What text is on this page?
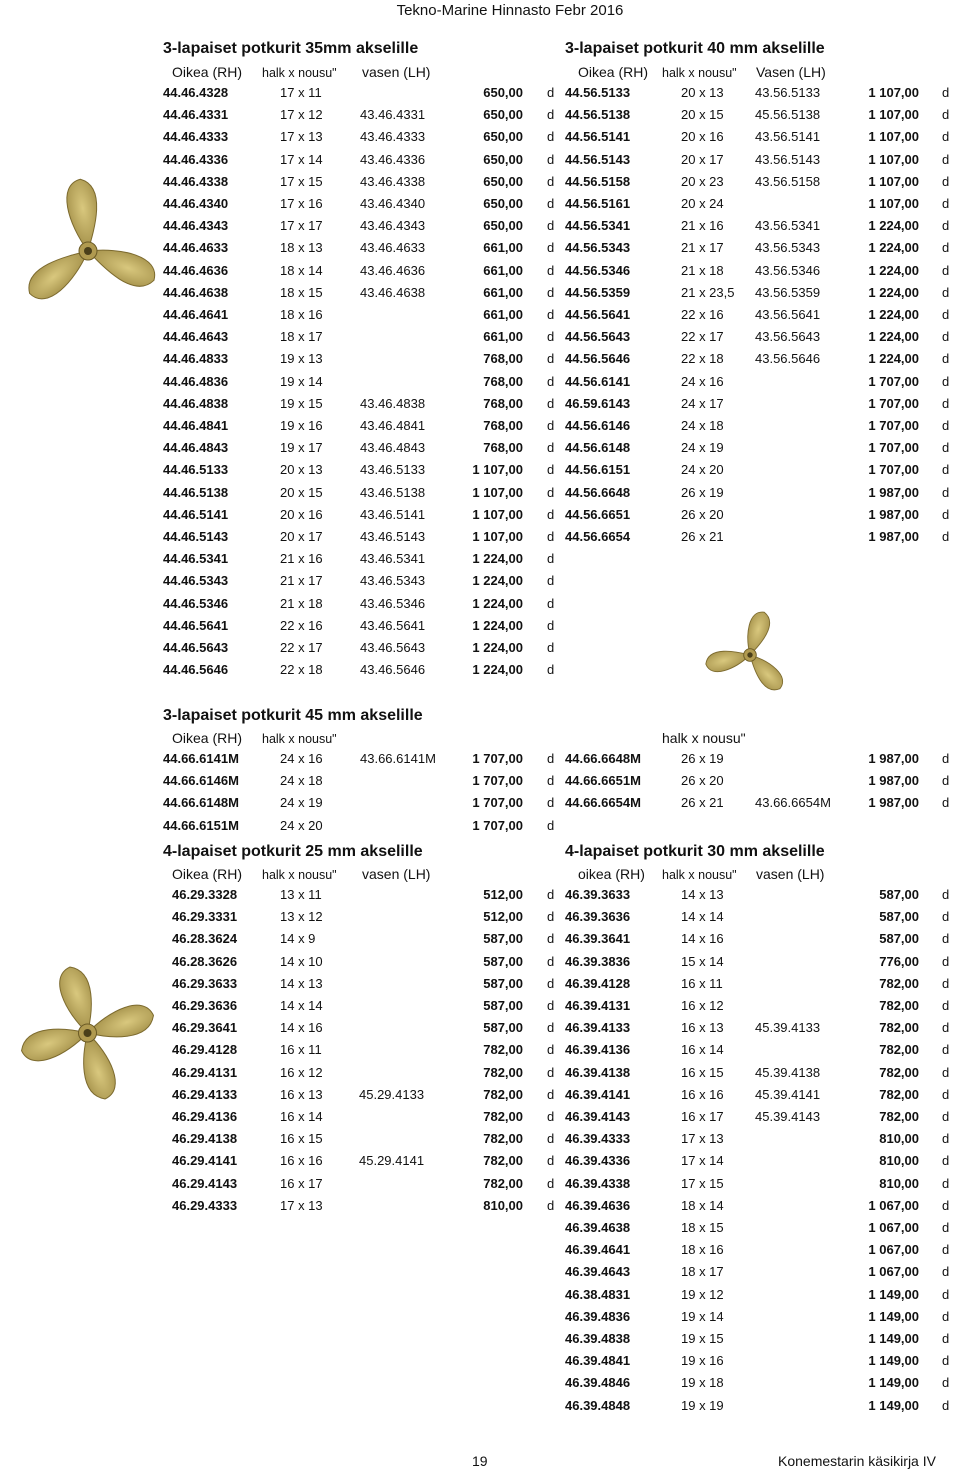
Tekno-Marine Hinnasto Febr 2016
3-lapaiset potkurit 35mm akselille
Oikea (RH) halk x nousu" vasen (LH)
3-lapaiset potkurit 40 mm akselille
Oikea (RH) halk x nousu" Vasen (LH)
3-lapaiset potkurit 45 mm akselille
Oikea (RH) halk x nousu"	halk x nousu"
4-lapaiset potkurit 25 mm akselille
Oikea (RH) halk x nousu" vasen (LH)
4-lapaiset potkurit 30 mm akselille
oikea (RH) halk x nousu" vasen (LH)
44.46.4328	17 x 11	650,00 d
44.46.4331	17 x 12	43.46.4331	650,00 d
44.46.4333	17 x 13	43.46.4333	650,00 d
44.46.4336	17 x 14	43.46.4336	650,00 d
44.46.4338	17 x 15	43.46.4338	650,00 d
44.46.4340	17 x 16	43.46.4340	650,00 d
44.46.4343	17 x 17	43.46.4343	650,00 d
44.46.4633	18 x 13	43.46.4633	661,00 d
44.46.4636	18 x 14	43.46.4636	661,00 d
44.46.4638	18 x 15	43.46.4638	661,00 d
44.46.4641	18 x 16	661,00 d
44.46.4643	18 x 17	661,00 d
44.46.4833	19 x 13	768,00 d
44.46.4836	19 x 14	768,00 d
44.46.4838	19 x 15	43.46.4838	768,00 d
44.46.4841	19 x 16	43.46.4841	768,00 d
44.46.4843	19 x 17	43.46.4843	768,00 d
44.46.5133	20 x 13	43.46.5133	1 107,00 d
44.46.5138	20 x 15	43.46.5138	1 107,00 d
44.46.5141	20 x 16	43.46.5141	1 107,00 d
44.46.5143	20 x 17	43.46.5143	1 107,00 d
44.46.5341	21 x 16	43.46.5341	1 224,00 d
44.46.5343	21 x 17	43.46.5343	1 224,00 d
44.46.5346	21 x 18	43.46.5346	1 224,00 d
44.46.5641	22 x 16	43.46.5641	1 224,00 d
44.46.5643	22 x 17	43.46.5643	1 224,00 d
44.46.5646	22 x 18	43.46.5646	1 224,00 d
44.56.5133	20 x 13 43.56.5133	1 107,00 d
44.56.5138	20 x 15 45.56.5138	1 107,00 d
44.56.5141	20 x 16 43.56.5141	1 107,00 d
44.56.5143	20 x 17 43.56.5143	1 107,00 d
44.56.5158	20 x 23 43.56.5158	1 107,00 d
44.56.5161	20 x 24	1 107,00 d
44.56.5341	21 x 16 43.56.5341	1 224,00 d
44.56.5343	21 x 17 43.56.5343	1 224,00 d
44.56.5346	21 x 18 43.56.5346	1 224,00 d
44.56.5359	21 x 23,5 43.56.5359	1 224,00 d
44.56.5641	22 x 16 43.56.5641	1 224,00 d
44.56.5643	22 x 17 43.56.5643	1 224,00 d
44.56.5646	22 x 18 43.56.5646	1 224,00 d
44.56.6141	24 x 16	1 707,00 d
46.59.6143	24 x 17	1 707,00 d
44.56.6146	24 x 18	1 707,00 d
44.56.6148	24 x 19	1 707,00 d
44.56.6151	24 x 20	1 707,00 d
44.56.6648	26 x 19	1 987,00 d
44.56.6651	26 x 20	1 987,00 d
44.56.6654	26 x 21	1 987,00 d
44.66.6141M	24 x 16	43.66.6141M	1 707,00 d
44.66.6146M	24 x 18	1 707,00 d
44.66.6148M	24 x 19	1 707,00 d
44.66.6151M	24 x 20	1 707,00 d
44.66.6648M	26 x 19	1 987,00 d
44.66.6651M	26 x 20	1 987,00 d
44.66.6654M	26 x 21 43.66.6654M	1 987,00 d
46.29.3328	13 x 11	512,00 d
46.29.3331	13 x 12	512,00 d
46.28.3624	14 x 9	587,00 d
46.28.3626	14 x 10	587,00 d
46.29.3633	14 x 13	587,00 d
46.29.3636	14 x 14	587,00 d
46.29.3641	14 x 16	587,00 d
46.29.4128	16 x 11	782,00 d
46.29.4131	16 x 12	782,00 d
46.29.4133	16 x 13	45.29.4133	782,00 d
46.29.4136	16 x 14	782,00 d
46.29.4138	16 x 15	782,00 d
46.29.4141	16 x 16	45.29.4141	782,00 d
46.29.4143	16 x 17	782,00 d
46.29.4333	17 x 13	810,00 d
46.39.3633	14 x 13	587,00 d
46.39.3636	14 x 14	587,00 d
46.39.3641	14 x 16	587,00 d
46.39.3836	15 x 14	776,00 d
46.39.4128	16 x 11	782,00 d
46.39.4131	16 x 12	782,00 d
46.39.4133	16 x 13 45.39.4133	782,00 d
46.39.4136	16 x 14	782,00 d
46.39.4138	16 x 15 45.39.4138	782,00 d
46.39.4141	16 x 16 45.39.4141	782,00 d
46.39.4143	16 x 17 45.39.4143	782,00 d
46.39.4333	17 x 13	810,00 d
46.39.4336	17 x 14	810,00 d
46.39.4338	17 x 15	810,00 d
46.39.4636	18 x 14	1 067,00 d
46.39.4638	18 x 15	1 067,00 d
46.39.4641	18 x 16	1 067,00 d
46.39.4643	18 x 17	1 067,00 d
46.38.4831	19 x 12	1 149,00 d
46.39.4836	19 x 14	1 149,00 d
46.39.4838	19 x 15	1 149,00 d
46.39.4841	19 x 16	1 149,00 d
46.39.4846	19 x 18	1 149,00 d
46.39.4848	19 x 19	1 149,00 d
19	Konemestarin käsikirja IV
